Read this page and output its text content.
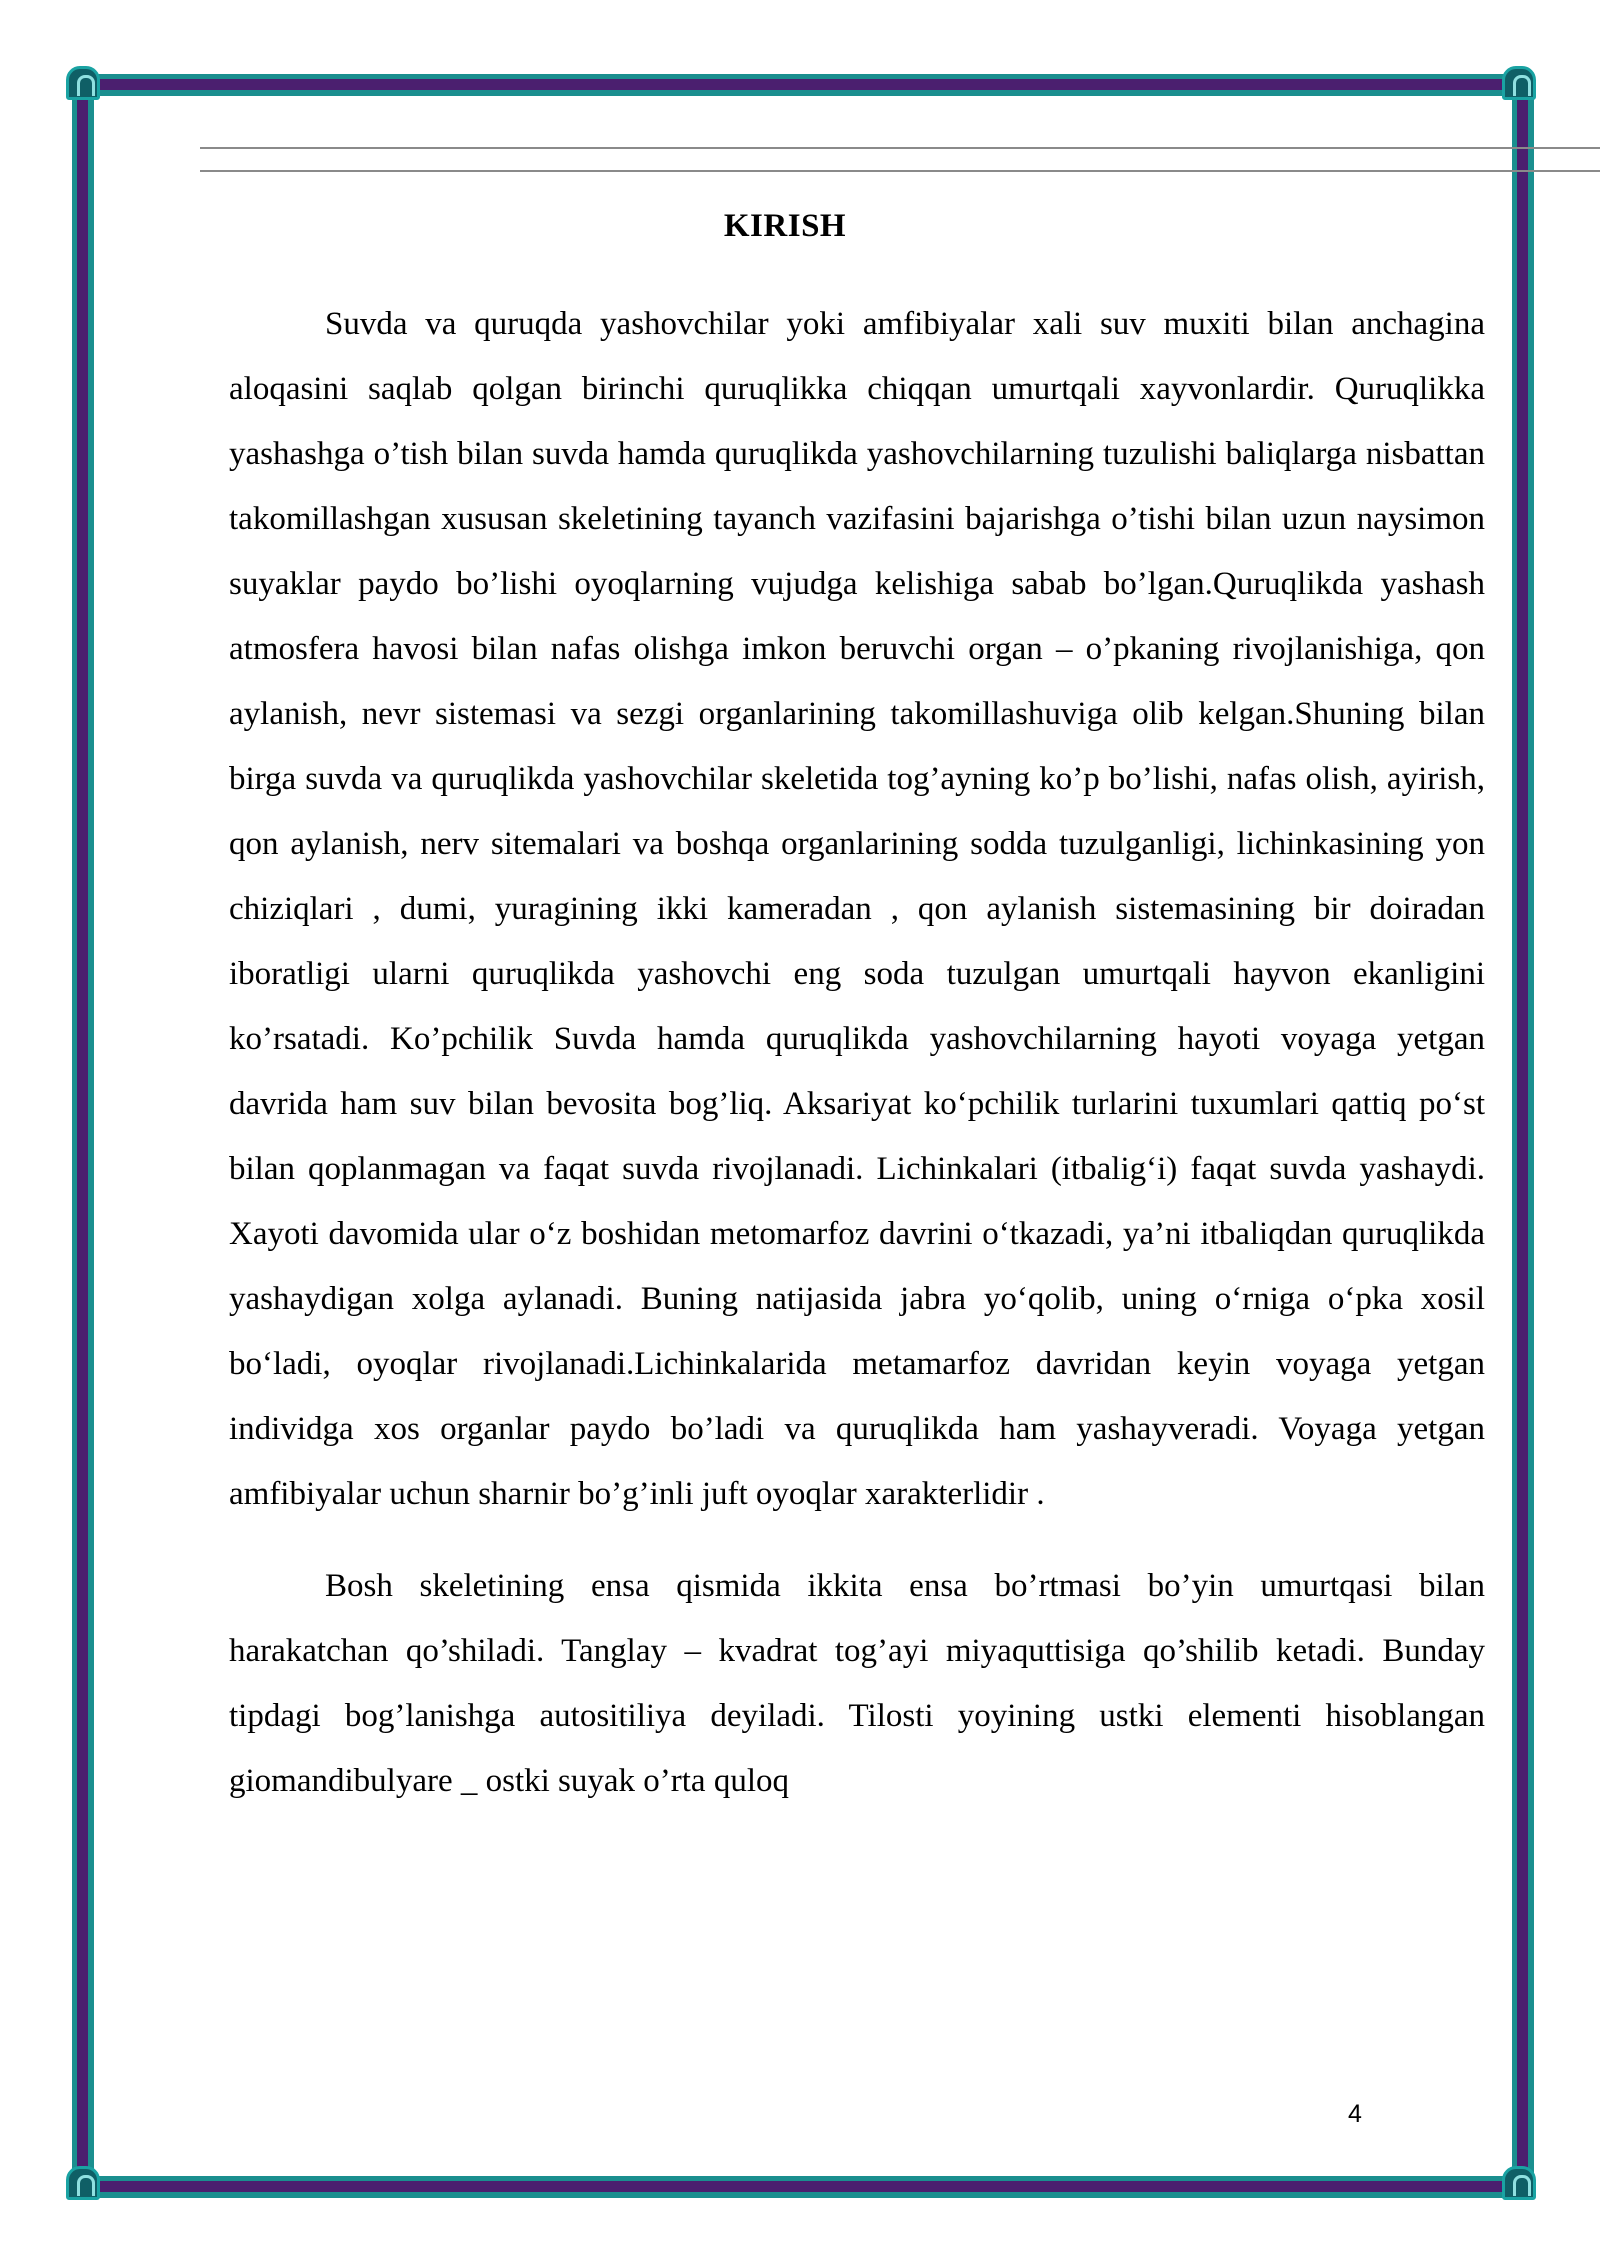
KIRISH

Suvda va quruqda yashovchilar yoki amfibiyalar xali suv muxiti bilan anchagina aloqasini saqlab qolgan birinchi quruqlikka chiqqan umurtqali xayvonlardir. Quruqlikka yashashga o’tish bilan suvda hamda quruqlikda yashovchilarning tuzulishi baliqlarga nisbattan takomillashgan xususan skeletining tayanch vazifasini bajarishga o’tishi bilan uzun naysimon suyaklar paydo bo’lishi oyoqlarning vujudga kelishiga sabab bo’lgan.Quruqlikda yashash atmosfera havosi bilan nafas olishga imkon beruvchi organ – o’pkaning rivojlanishiga, qon aylanish, nevr sistemasi va sezgi organlarining takomillashuviga olib kelgan.Shuning bilan birga suvda va quruqlikda yashovchilar skeletida tog’ayning ko’p bo’lishi, nafas olish, ayirish, qon aylanish, nerv sitemalari va boshqa organlarining sodda tuzulganligi, lichinkasining yon chiziqlari , dumi, yuragining ikki kameradan , qon aylanish sistemasining bir doiradan iboratligi ularni quruqlikda yashovchi eng soda tuzulgan umurtqali hayvon ekanligini ko’rsatadi. Ko’pchilik Suvda hamda quruqlikda yashovchilarning hayoti voyaga yetgan davrida ham suv bilan bevosita bog’liq. Aksariyat ko‘pchilik turlarini tuxumlari qattiq po‘st bilan qoplanmagan va faqat suvda rivojlanadi. Lichinkalari (itbalig‘i) faqat suvda yashaydi. Xayoti davomida ular o‘z boshidan metomarfoz davrini o‘tkazadi, ya’ni itbaliqdan quruqlikda yashaydigan xolga aylanadi. Buning natijasida jabra yo‘qolib, uning o‘rniga o‘pka xosil bo‘ladi, oyoqlar rivojlanadi.Lichinkalarida metamarfoz davridan keyin voyaga yetgan individga xos organlar paydo bo’ladi va quruqlikda ham yashayveradi. Voyaga yetgan amfibiyalar uchun sharnir bo’g’inli juft oyoqlar xarakterlidir .

Bosh skeletining ensa qismida ikkita ensa bo’rtmasi bo’yin umurtqasi bilan harakatchan qo’shiladi. Tanglay – kvadrat tog’ayi miyaquttisiga qo’shilib ketadi. Bunday tipdagi bog’lanishga autositiliya deyiladi. Tilosti yoyining ustki elementi hisoblangan giomandibulyare _ ostki suyak o’rta quloq

4
